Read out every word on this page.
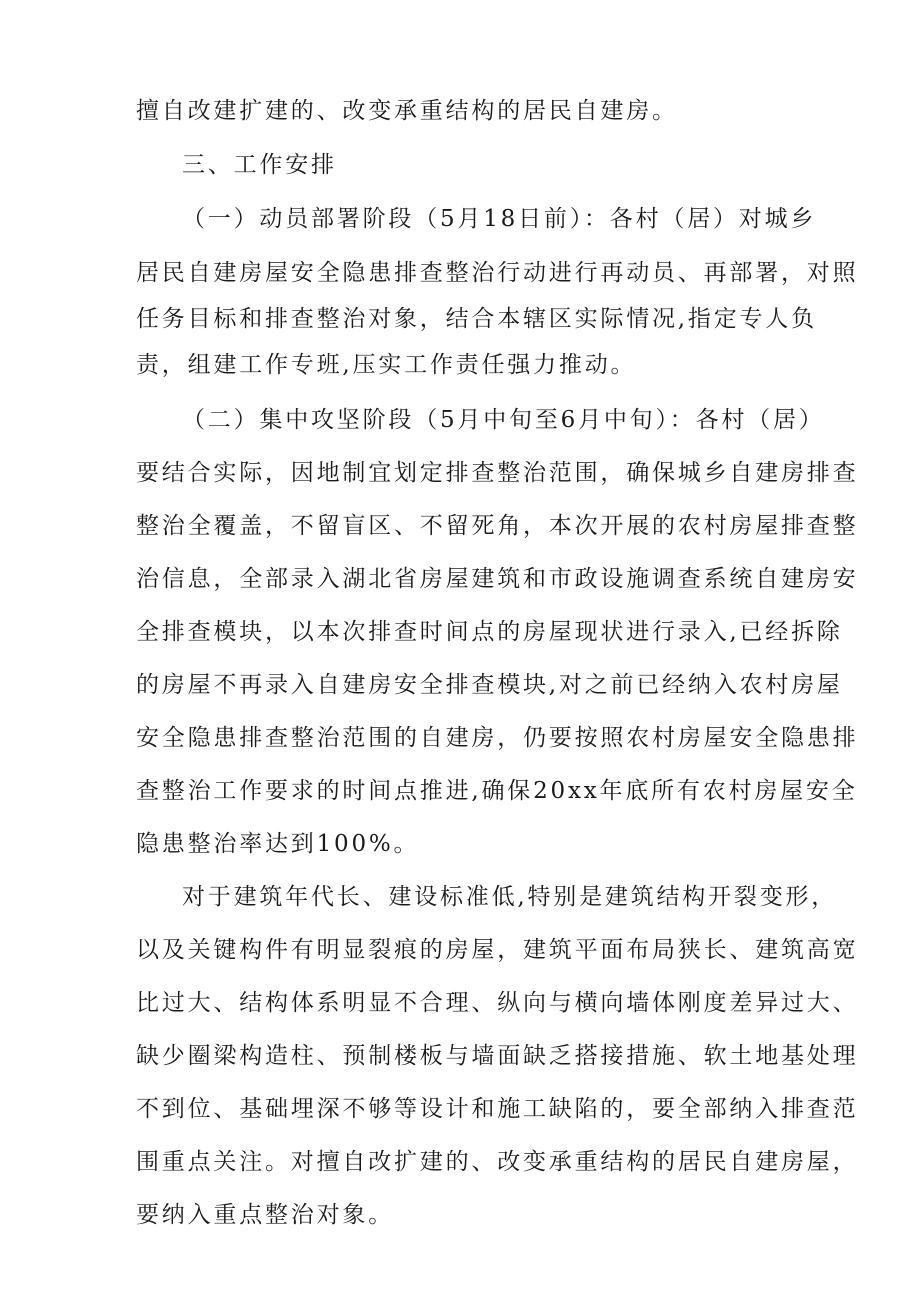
擅自改建扩建的、改变承重结构的居民自建房。
三、工作安排
（一）动员部署阶段（5月18日前）：各村（居）对城乡
居民自建房屋安全隐患排查整治行动进行再动员、再部署，对照
任务目标和排查整治对象，结合本辖区实际情况,指定专人负
责，组建工作专班,压实工作责任强力推动。
（二）集中攻坚阶段（5月中旬至6月中旬）：各村（居）
要结合实际，因地制宜划定排查整治范围，确保城乡自建房排查
整治全覆盖，不留盲区、不留死角，本次开展的农村房屋排查整
治信息，全部录入湖北省房屋建筑和市政设施调查系统自建房安
全排查模块，以本次排查时间点的房屋现状进行录入,已经拆除
的房屋不再录入自建房安全排查模块,对之前已经纳入农村房屋
安全隐患排查整治范围的自建房，仍要按照农村房屋安全隐患排
查整治工作要求的时间点推进,确保20xx年底所有农村房屋安全
隐患整治率达到100%。
对于建筑年代长、建设标准低,特别是建筑结构开裂变形，
以及关键构件有明显裂痕的房屋，建筑平面布局狭长、建筑高宽
比过大、结构体系明显不合理、纵向与横向墙体刚度差异过大、
缺少圈梁构造柱、预制楼板与墙面缺乏搭接措施、软土地基处理
不到位、基础埋深不够等设计和施工缺陷的，要全部纳入排查范
围重点关注。对擅自改扩建的、改变承重结构的居民自建房屋，
要纳入重点整治对象。
